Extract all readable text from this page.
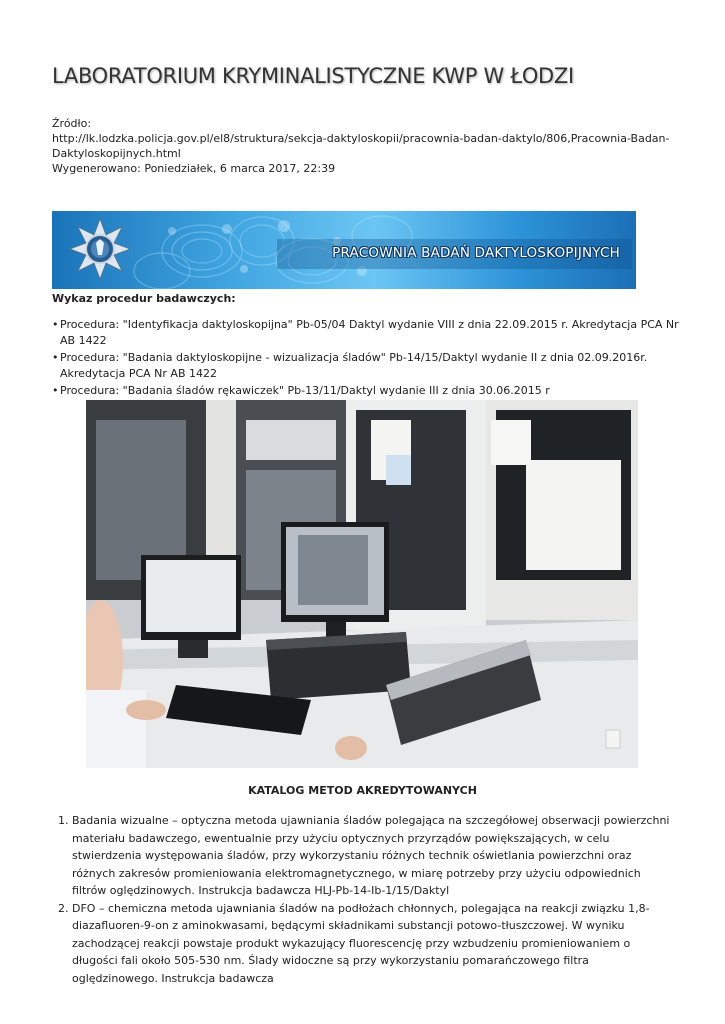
LABORATORIUM KRYMINALISTYCZNE KWP W ŁODZI
Źródło:
http://lk.lodzka.policja.gov.pl/el8/struktura/sekcja-daktyloskopii/pracownia-badan-daktylo/806,Pracownia-Badan-Daktyloskopijnych.html
Wygenerowano: Poniedziałek, 6 marca 2017, 22:39
PRACOWNIA BADAŃ DAKTYLOSKOPIJNYCH
Wykaz procedur badawczych:
• Procedura: "Identyfikacja daktyloskopijna" Pb-05/04 Daktyl wydanie VIII z dnia 22.09.2015 r. Akredytacja PCA Nr AB 1422
• Procedura: "Badania daktyloskopijne - wizualizacja śladów" Pb-14/15/Daktyl wydanie II z dnia 02.09.2016r. Akredytacja PCA Nr AB 1422
• Procedura: "Badania śladów rękawiczek" Pb-13/11/Daktyl wydanie III z dnia 30.06.2015 r
KATALOG METOD AKREDYTOWANYCH
1. Badania wizualne – optyczna metoda ujawniania śladów polegająca na szczegółowej obserwacji powierzchni materiału badawczego, ewentualnie przy użyciu optycznych przyrządów powiększających, w celu stwierdzenia występowania śladów, przy wykorzystaniu różnych technik oświetlania powierzchni oraz różnych zakresów promieniowania elektromagnetycznego, w miarę potrzeby przy użyciu odpowiednich filtrów oględzinowych. Instrukcja badawcza HLJ-Pb-14-Ib-1/15/Daktyl
2. DFO – chemiczna metoda ujawniania śladów na podłożach chłonnych, polegająca na reakcji związku 1,8-diazafluoren-9-on z aminokwasami, będącymi składnikami substancji potowo-tłuszczowej. W wyniku zachodzącej reakcji powstaje produkt wykazujący fluorescencję przy wzbudzeniu promieniowaniem o długości fali około 505-530 nm. Ślady widoczne są przy wykorzystaniu pomarańczowego filtra oględzinowego. Instrukcja badawcza
